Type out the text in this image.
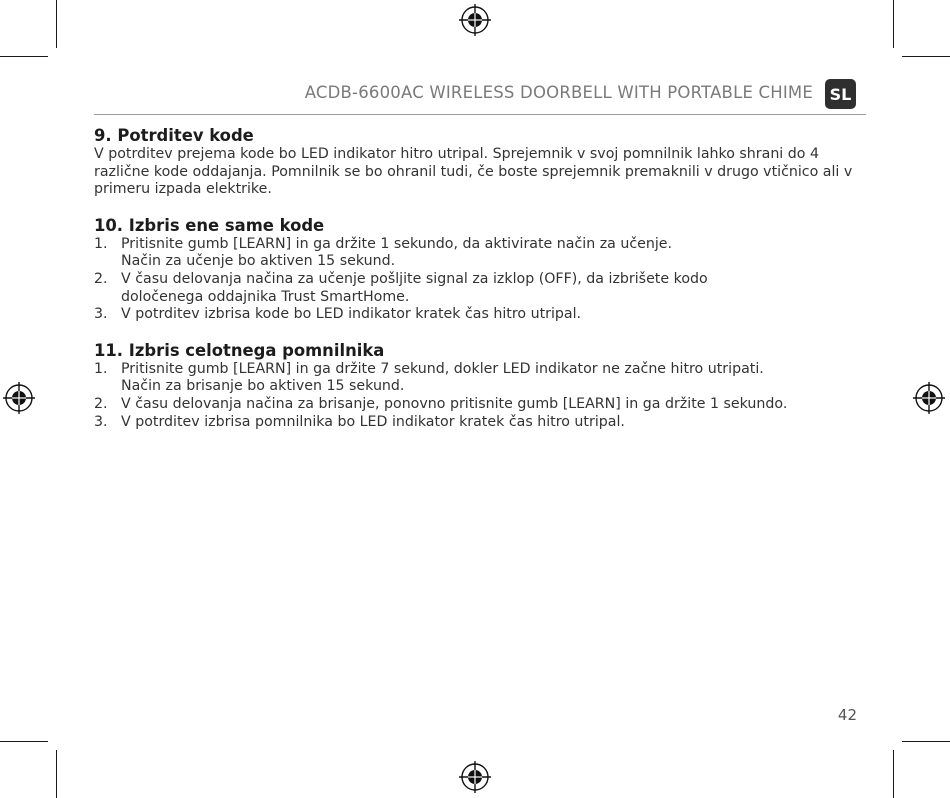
ACDB-6600AC WIRELESS DOORBELL WITH PORTABLE CHIME SL
9. Potrditev kode

V potrditev prejema kode bo LED indikator hitro utripal. Sprejemnik v svoj pomnilnik lahko shrani do 4 različne kode oddajanja. Pomnilnik se bo ohranil tudi, če boste sprejemnik premaknili v drugo vtičnico ali v primeru izpada elektrike.

10. Izbris ene same kode
1. Pritisnite gumb [LEARN] in ga držite 1 sekundo, da aktivirate način za učenje.
Način za učenje bo aktiven 15 sekund.
2. V času delovanja načina za učenje pošljite signal za izklop (OFF), da izbrišete kodo
določenega oddajnika Trust SmartHome.
3. V potrditev izbrisa kode bo LED indikator kratek čas hitro utripal.
11. Izbris celotnega pomnilnika
1. Pritisnite gumb [LEARN] in ga držite 7 sekund, dokler LED indikator ne začne hitro utripati.
Način za brisanje bo aktiven 15 sekund.
2. V času delovanja načina za brisanje, ponovno pritisnite gumb [LEARN] in ga držite 1 sekundo.
3. V potrditev izbrisa pomnilnika bo LED indikator kratek čas hitro utripal.
42
